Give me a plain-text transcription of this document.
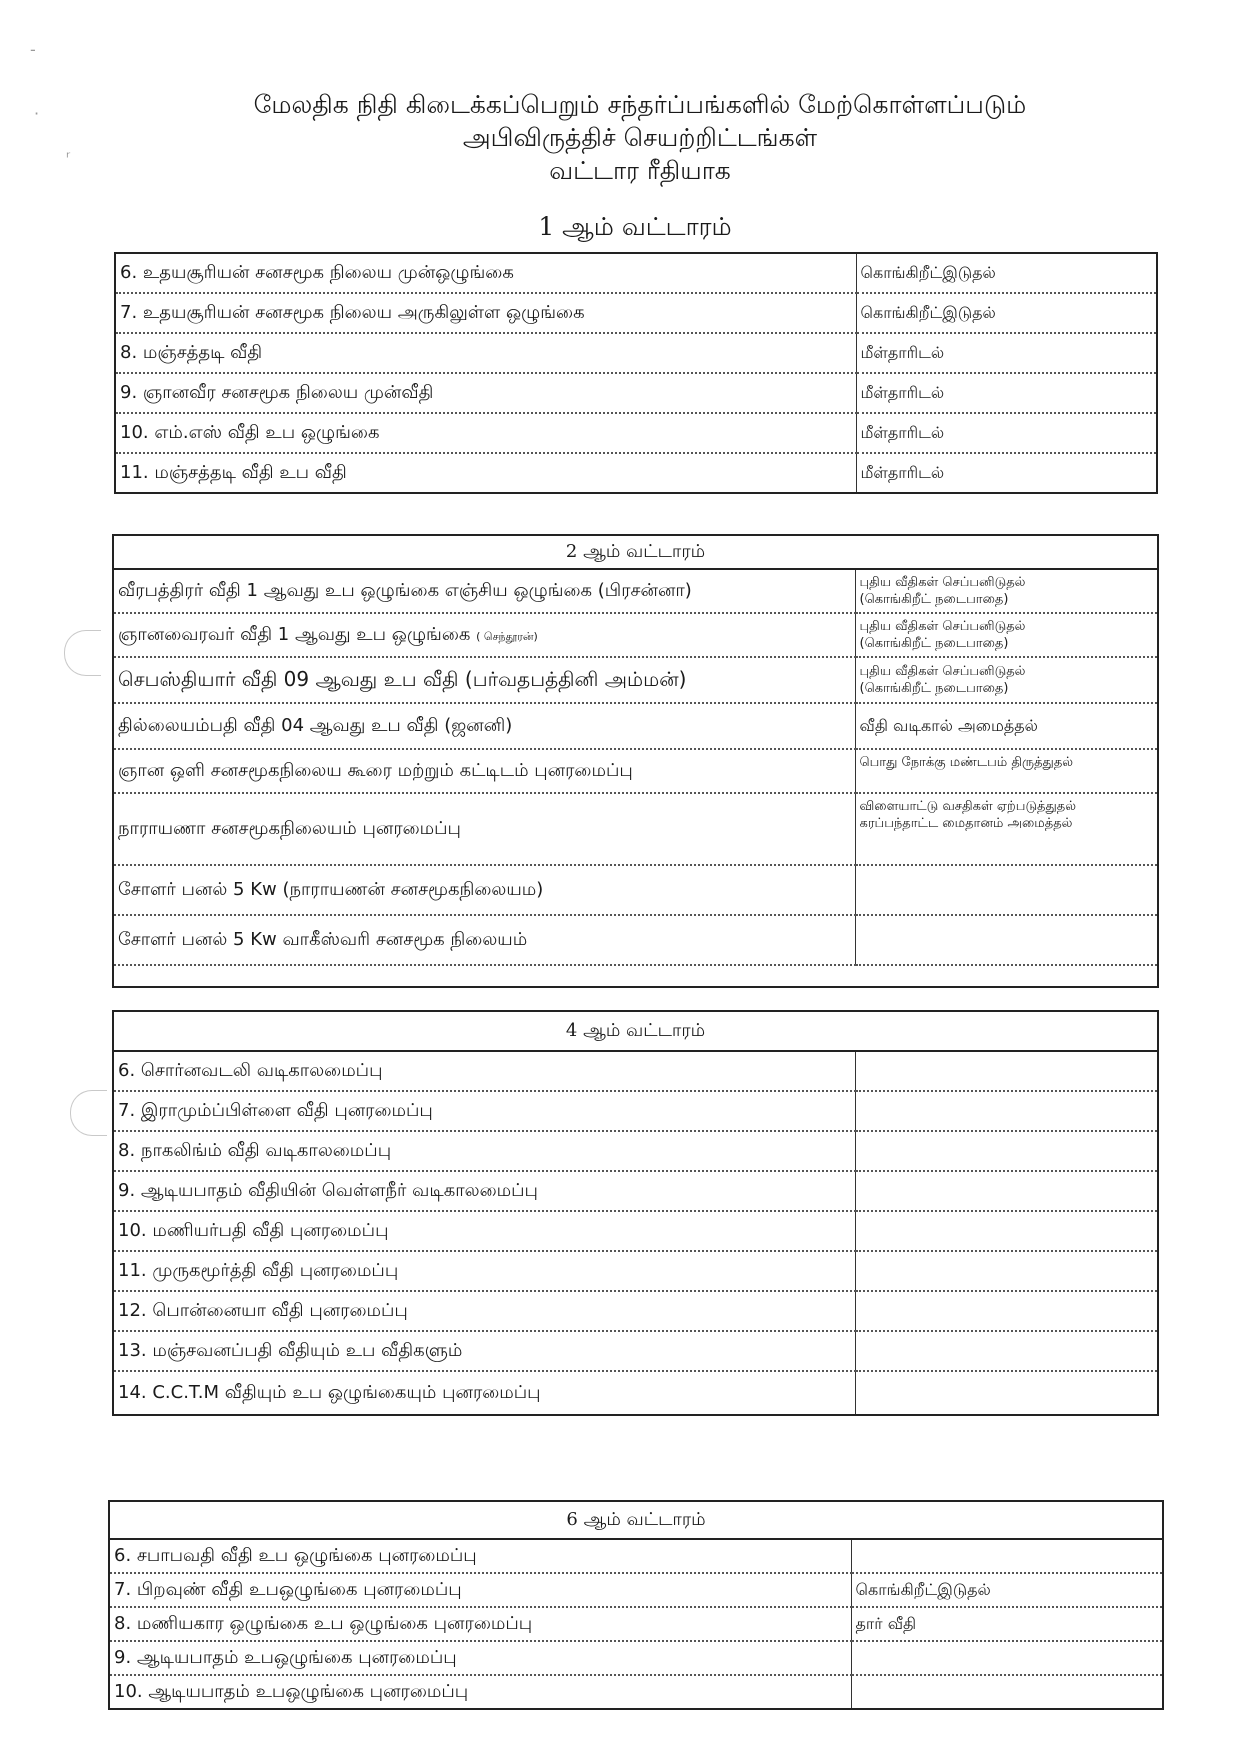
-
·
ʳ
மேலதிக நிதி கிடைக்கப்பெறும் சந்தர்ப்பங்களில் மேற்கொள்ளப்படும்
அபிவிருத்திச் செயற்றிட்டங்கள்
வட்டார ரீதியாக
1 ஆம் வட்டாரம்
6. உதயசூரியன் சனசமூக நிலைய முன்ஒழுங்கை	கொங்கிறீட்இடுதல்
7. உதயசூரியன் சனசமூக நிலைய அருகிலுள்ள ஒழுங்கை	கொங்கிறீட்இடுதல்
8. மஞ்சத்தடி வீதி	மீள்தாரிடல்
9. ஞானவீர சனசமூக நிலைய முன்வீதி	மீள்தாரிடல்
10. எம்.எஸ் வீதி உப ஒழுங்கை	மீள்தாரிடல்
11. மஞ்சத்தடி வீதி உப வீதி	மீள்தாரிடல்
2 ஆம் வட்டாரம்	
வீரபத்திரர் வீதி 1 ஆவது உப ஒழுங்கை எஞ்சிய ஒழுங்கை (பிரசன்னா)	புதிய வீதிகள் செப்பனிடுதல்
(கொங்கிறீட் நடைபாதை)

ஞானவைரவர் வீதி 1 ஆவது உப ஒழுங்கை ( செந்தூரன்)	புதிய வீதிகள் செப்பனிடுதல்
(கொங்கிறீட் நடைபாதை)

செபஸ்தியார் வீதி 09 ஆவது உப வீதி (பர்வதபத்தினி அம்மன்)	புதிய வீதிகள் செப்பனிடுதல்
(கொங்கிறீட் நடைபாதை)

தில்லையம்பதி வீதி 04 ஆவது உப வீதி (ஜனனி)	வீதி வடிகால் அமைத்தல்
ஞான ஒளி சனசமூகநிலைய கூரை மற்றும் கட்டிடம் புனரமைப்பு	பொது நோக்கு மண்டபம் திருத்துதல்
நாராயணா சனசமூகநிலையம் புனரமைப்பு	விளையாட்டு வசதிகள் ஏற்படுத்துதல்
கரப்பந்தாட்ட மைதானம் அமைத்தல்

சோளர் பனல் 5 Kw (நாராயணன் சனசமூகநிலையம)	
சோளர் பனல் 5 Kw வாகீஸ்வரி சனசமூக நிலையம்	

4 ஆம் வட்டாரம்	
6. சொர்னவடலி வடிகாலமைப்பு	
7. இராமும்ப்பிள்ளை வீதி புனரமைப்பு	
8. நாகலிங்ம் வீதி வடிகாலமைப்பு	
9. ஆடியபாதம் வீதியின் வெள்ளநீர் வடிகாலமைப்பு	
10. மணியர்பதி வீதி புனரமைப்பு	
11. முருகமூர்த்தி வீதி புனரமைப்பு	
12. பொன்னையா வீதி புனரமைப்பு	
13. மஞ்சவனப்பதி வீதியும் உப வீதிகளும்	
14. C.C.T.M வீதியும் உப ஒழுங்கையும் புனரமைப்பு	
6 ஆம் வட்டாரம்	
6. சபாபவதி வீதி உப ஒழுங்கை புனரமைப்பு	
7. பிறவுண் வீதி உபஒழுங்கை புனரமைப்பு	கொங்கிறீட்இடுதல்
8. மணியகார ஒழுங்கை உப ஒழுங்கை புனரமைப்பு	தார் வீதி
9. ஆடியபாதம் உபஒழுங்கை புனரமைப்பு	
10. ஆடியபாதம் உபஒழுங்கை புனரமைப்பு	
